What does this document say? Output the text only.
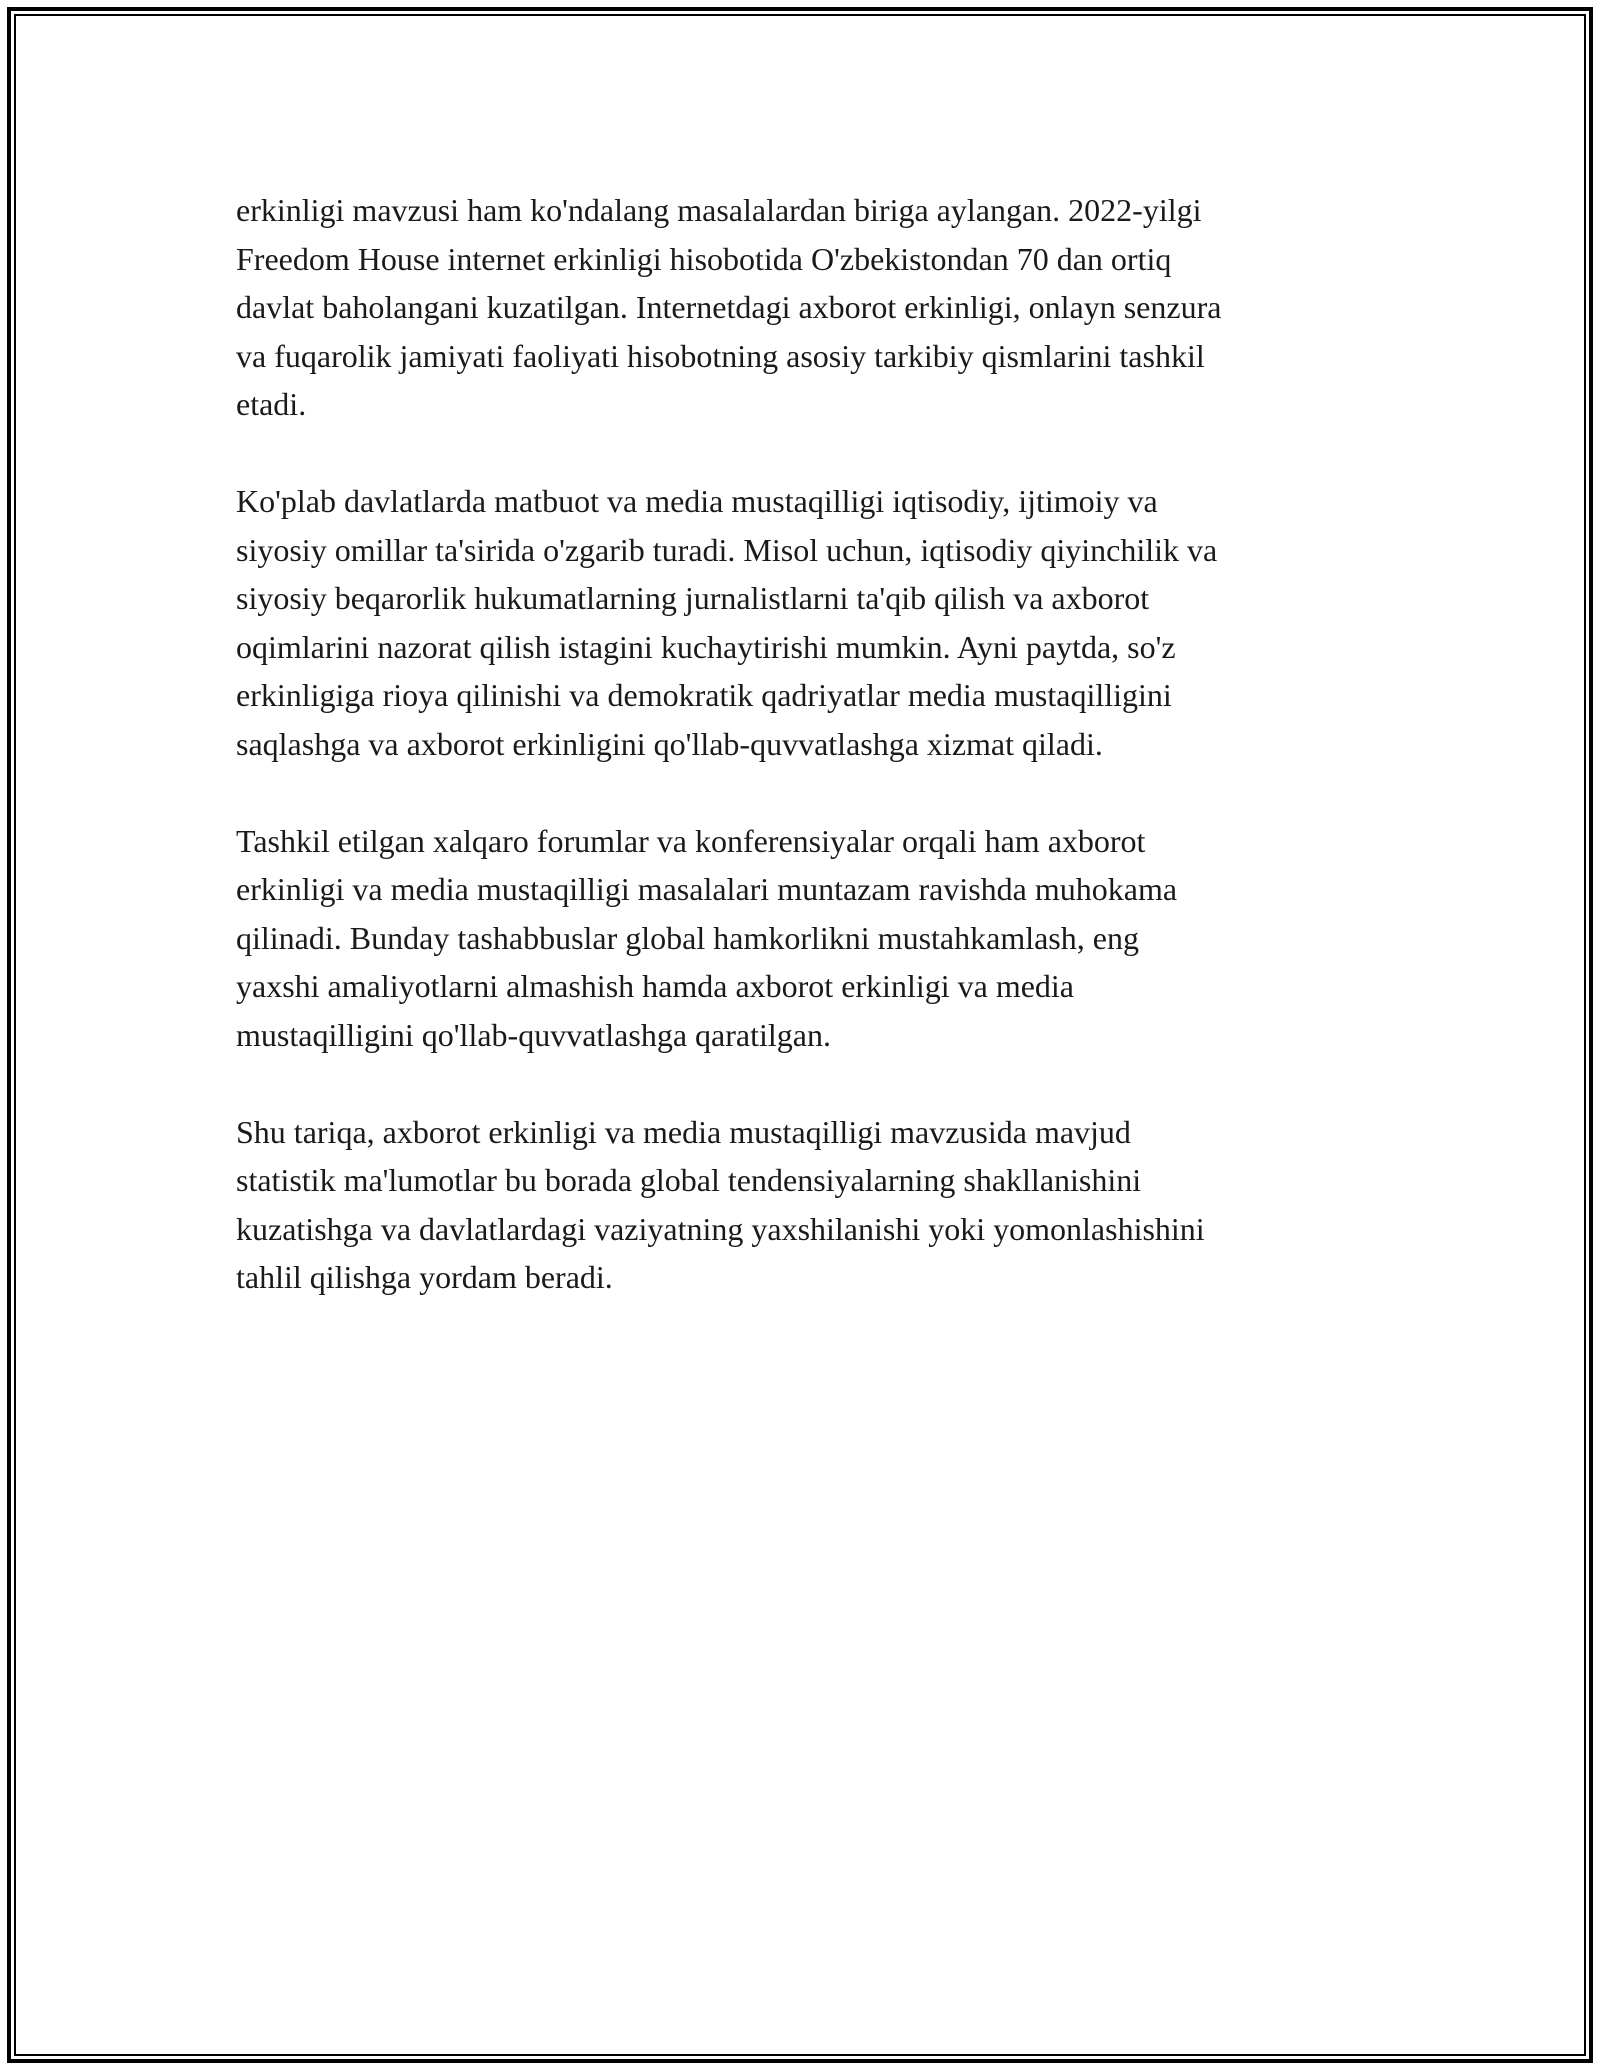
erkinligi mavzusi ham ko'ndalang masalalardan biriga aylangan. 2022-yilgi
Freedom House internet erkinligi hisobotida O'zbekistondan 70 dan ortiq
davlat baholangani kuzatilgan. Internetdagi axborot erkinligi, onlayn senzura
va fuqarolik jamiyati faoliyati hisobotning asosiy tarkibiy qismlarini tashkil
etadi.

Ko'plab davlatlarda matbuot va media mustaqilligi iqtisodiy, ijtimoiy va
siyosiy omillar ta'sirida o'zgarib turadi. Misol uchun, iqtisodiy qiyinchilik va
siyosiy beqarorlik hukumatlarning jurnalistlarni ta'qib qilish va axborot
oqimlarini nazorat qilish istagini kuchaytirishi mumkin. Ayni paytda, so'z
erkinligiga rioya qilinishi va demokratik qadriyatlar media mustaqilligini
saqlashga va axborot erkinligini qo'llab-quvvatlashga xizmat qiladi.

Tashkil etilgan xalqaro forumlar va konferensiyalar orqali ham axborot
erkinligi va media mustaqilligi masalalari muntazam ravishda muhokama
qilinadi. Bunday tashabbuslar global hamkorlikni mustahkamlash, eng
yaxshi amaliyotlarni almashish hamda axborot erkinligi va media
mustaqilligini qo'llab-quvvatlashga qaratilgan.

Shu tariqa, axborot erkinligi va media mustaqilligi mavzusida mavjud
statistik ma'lumotlar bu borada global tendensiyalarning shakllanishini
kuzatishga va davlatlardagi vaziyatning yaxshilanishi yoki yomonlashishini
tahlil qilishga yordam beradi.
